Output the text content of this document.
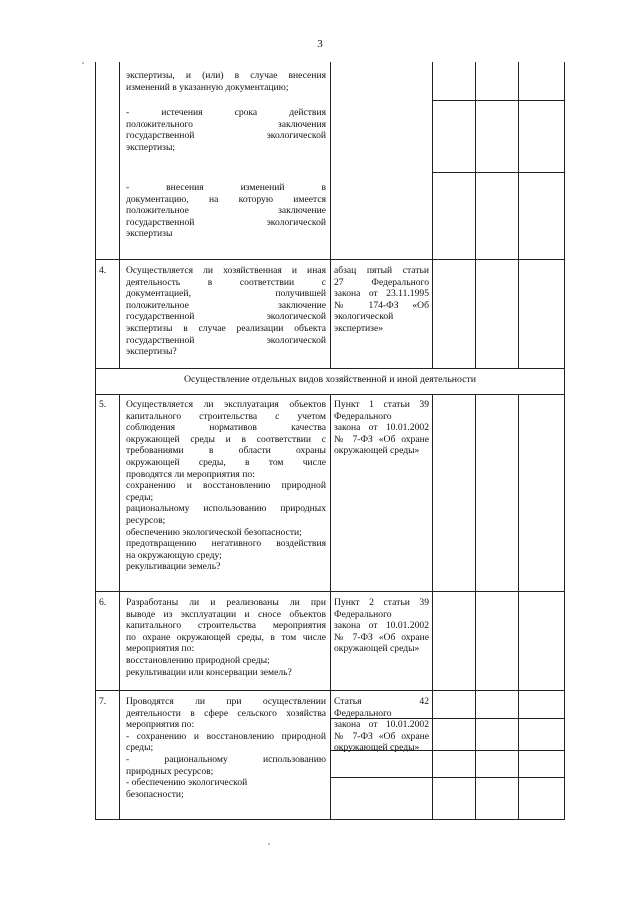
3
экспертизы, и (или) в случае внесения
изменений в указанную документацию;
- истечения срока действия
положительного заключения
государственной экологической
экспертизы;
- внесения изменений в
документацию, на которую имеется
положительное заключение
государственной экологической
экспертизы
4. Осуществляется ли хозяйственная и иная
деятельность в соответствии с
документацией, получившей
положительное заключение
государственной экологической
экспертизы в случае реализации объекта
государственной экологической
экспертизы?
абзац пятый статьи
27 Федерального
закона от 23.11.1995
№ 174-ФЗ «Об
экологической
экспертизе»
Осуществление отдельных видов хозяйственной и иной деятельности
5. Осуществляется ли эксплуатация объектов
капитального строительства с учетом
соблюдения нормативов качества
окружающей среды и в соответствии с
требованиями в области охраны
окружающей среды, в том числе
проводятся ли мероприятия по:
сохранению и восстановлению природной
среды;
рациональному использованию природных
ресурсов;
обеспечению экологической безопасности;
предотвращению негативного воздействия
на окружающую среду;
рекультивации земель?
Пункт 1 статьи 39
Федерального
закона от 10.01.2002
№ 7-ФЗ «Об охране
окружающей среды»
6. Разработаны ли и реализованы ли при
выводе из эксплуатации и сносе объектов
капитального строительства мероприятия
по охране окружающей среды, в том числе
мероприятия по:
восстановлению природной среды;
рекультивации или консервации земель?
Пункт 2 статьи 39
Федерального
закона от 10.01.2002
№ 7-ФЗ «Об охране
окружающей среды»
7. Проводятся ли при осуществлении
деятельности в сфере сельского хозяйства
мероприятия по:
- сохранению и восстановлению природной
среды;
- рациональному использованию
природных ресурсов;
- обеспечению экологической
безопасности;
Статья 42
Федерального
закона от 10.01.2002
№ 7-ФЗ «Об охране
окружающей среды»
